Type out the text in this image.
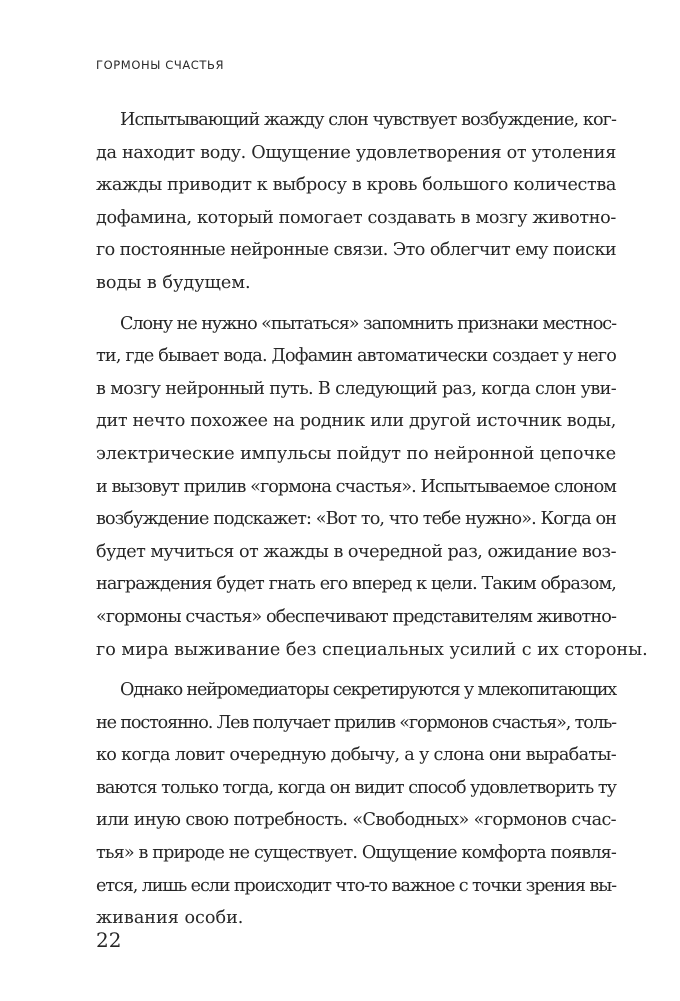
ГОРМОНЫ СЧАСТЬЯ
Испытывающий жажду слон чувствует возбуждение, ког-
да находит воду. Ощущение удовлетворения от утоления
жажды приводит к выбросу в кровь большого количества
дофамина, который помогает создавать в мозгу животно-
го постоянные нейронные связи. Это облегчит ему поиски
воды в будущем.
Слону не нужно «пытаться» запомнить признаки местнос-
ти, где бывает вода. Дофамин автоматически создает у него
в мозгу нейронный путь. В следующий раз, когда слон уви-
дит нечто похожее на родник или другой источник воды,
электрические импульсы пойдут по нейронной цепочке
и вызовут прилив «гормона счастья». Испытываемое слоном
возбуждение подскажет: «Вот то, что тебе нужно». Когда он
будет мучиться от жажды в очередной раз, ожидание воз-
награждения будет гнать его вперед к цели. Таким образом,
«гормоны счастья» обеспечивают представителям животно-
го мира выживание без специальных усилий с их стороны.
Однако нейромедиаторы секретируются у млекопитающих
не постоянно. Лев получает прилив «гормонов счастья», толь-
ко когда ловит очередную добычу, а у слона они вырабаты-
ваются только тогда, когда он видит способ удовлетворить ту
или иную свою потребность. «Свободных» «гормонов счас-
тья» в природе не существует. Ощущение комфорта появля-
ется, лишь если происходит что-то важное с точки зрения вы-
живания особи.
22
